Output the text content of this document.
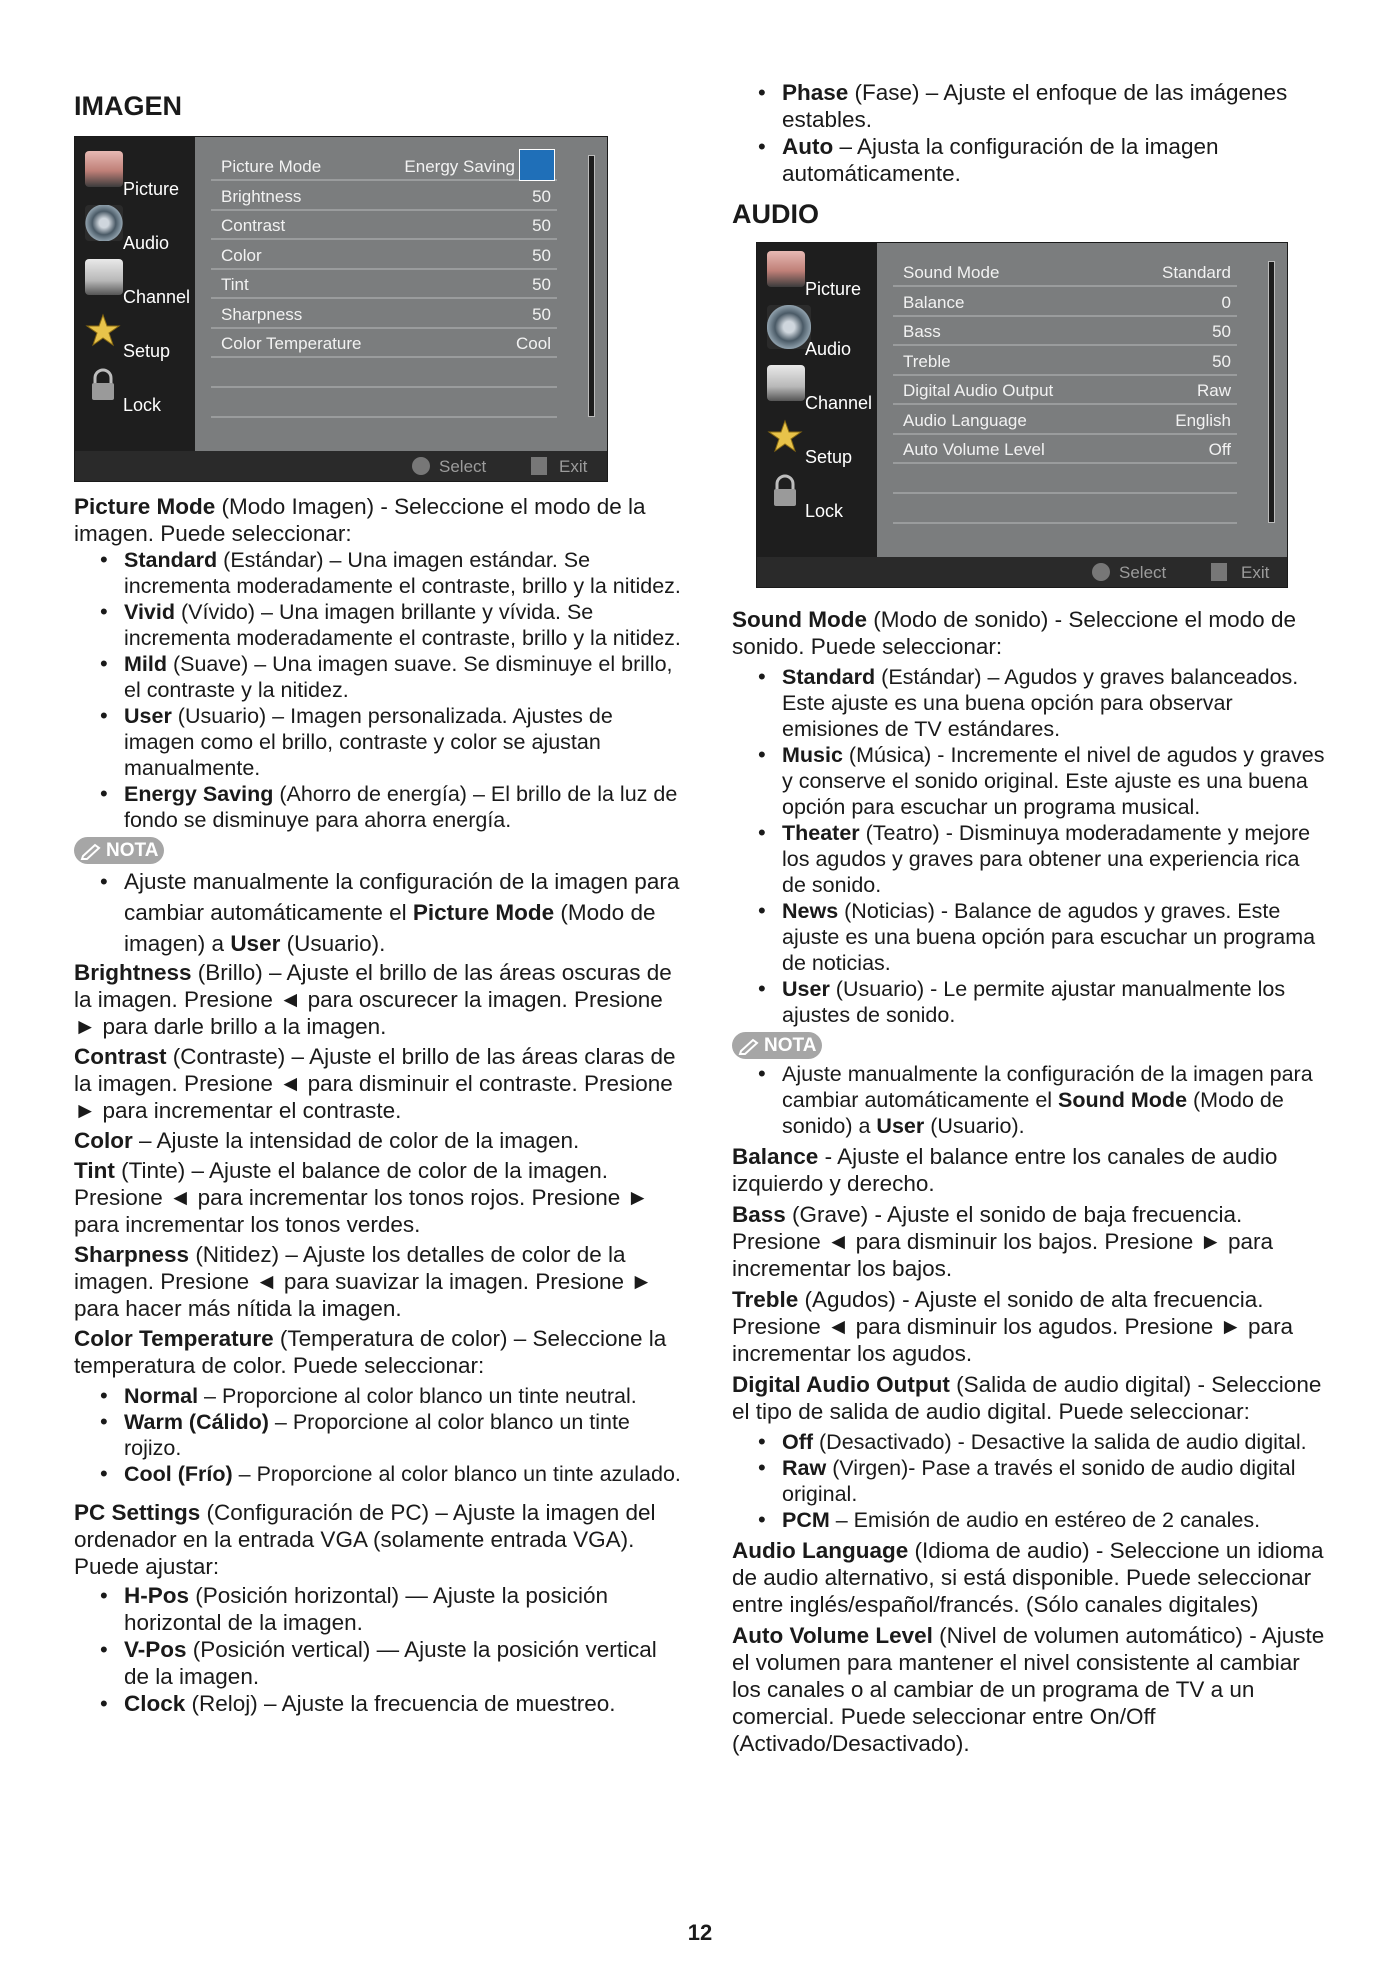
IMAGEN
Picture
Audio
Channel
Setup
Lock
Picture Mode	Energy Saving
Brightness	50
Contrast	50
Color	50
Tint	50
Sharpness	50
Color Temperature	Cool
Select	Exit

Picture Mode (Modo Imagen) - Seleccione el modo de la imagen. Puede seleccionar:

• Standard (Estándar) – Una imagen estándar. Se incrementa moderadamente el contraste, brillo y la nitidez.
• Vivid (Vívido) – Una imagen brillante y vívida. Se incrementa moderadamente el contraste, brillo y la nitidez.
• Mild (Suave) – Una imagen suave. Se disminuye el brillo, el contraste y la nitidez.
• User (Usuario) – Imagen personalizada. Ajustes de imagen como el brillo, contraste y color se ajustan manualmente.
• Energy Saving (Ahorro de energía) – El brillo de la luz de fondo se disminuye para ahorra energía.
NOTA
• Ajuste manualmente la configuración de la imagen para cambiar automáticamente el Picture Mode (Modo de imagen) a User (Usuario).

Brightness (Brillo) – Ajuste el brillo de las áreas oscuras de la imagen. Presione ◄ para oscurecer la imagen. Presione ► para darle brillo a la imagen.

Contrast (Contraste) – Ajuste el brillo de las áreas claras de la imagen. Presione ◄ para disminuir el contraste. Presione ► para incrementar el contraste.

Color – Ajuste la intensidad de color de la imagen.

Tint (Tinte) – Ajuste el balance de color de la imagen. Presione ◄ para incrementar los tonos rojos. Presione ► para incrementar los tonos verdes.

Sharpness (Nitidez) – Ajuste los detalles de color de la imagen. Presione ◄ para suavizar la imagen. Presione ► para hacer más nítida la imagen.

Color Temperature (Temperatura de color) – Seleccione la temperatura de color. Puede seleccionar:

• Normal – Proporcione al color blanco un tinte neutral.
• Warm (Cálido) – Proporcione al color blanco un tinte rojizo.
• Cool (Frío) – Proporcione al color blanco un tinte azulado.

PC Settings (Configuración de PC) – Ajuste la imagen del ordenador en la entrada VGA (solamente entrada VGA). Puede ajustar:

• H-Pos (Posición horizontal) — Ajuste la posición horizontal de la imagen.
• V-Pos (Posición vertical) — Ajuste la posición vertical de la imagen.
• Clock (Reloj) – Ajuste la frecuencia de muestreo.
• Phase (Fase) – Ajuste el enfoque de las imágenes estables.
• Auto – Ajusta la configuración de la imagen automáticamente.
AUDIO
Picture
Audio
Channel
Setup
Lock
Sound Mode	Standard
Balance	0
Bass	50
Treble	50
Digital Audio Output	Raw
Audio Language	English
Auto Volume Level	Off
Select	Exit

Sound Mode (Modo de sonido) - Seleccione el modo de sonido. Puede seleccionar:

• Standard (Estándar) – Agudos y graves balanceados. Este ajuste es una buena opción para observar emisiones de TV estándares.
• Music (Música) - Incremente el nivel de agudos y graves y conserve el sonido original. Este ajuste es una buena opción para escuchar un programa musical.
• Theater (Teatro) - Disminuya moderadamente y mejore los agudos y graves para obtener una experiencia rica de sonido.
• News (Noticias) - Balance de agudos y graves. Este ajuste es una buena opción para escuchar un programa de noticias.
• User (Usuario) - Le permite ajustar manualmente los ajustes de sonido.
NOTA
• Ajuste manualmente la configuración de la imagen para cambiar automáticamente el Sound Mode (Modo de sonido) a User (Usuario).

Balance - Ajuste el balance entre los canales de audio izquierdo y derecho.

Bass (Grave) - Ajuste el sonido de baja frecuencia. Presione ◄ para disminuir los bajos. Presione ► para incrementar los bajos.

Treble (Agudos) - Ajuste el sonido de alta frecuencia. Presione ◄ para disminuir los agudos. Presione ► para incrementar los agudos.

Digital Audio Output (Salida de audio digital) - Seleccione el tipo de salida de audio digital. Puede seleccionar:

• Off (Desactivado) - Desactive la salida de audio digital.
• Raw (Virgen)- Pase a través el sonido de audio digital original.
• PCM – Emisión de audio en estéreo de 2 canales.

Audio Language (Idioma de audio) - Seleccione un idioma de audio alternativo, si está disponible. Puede seleccionar entre inglés/español/francés. (Sólo canales digitales)

Auto Volume Level (Nivel de volumen automático) - Ajuste el volumen para mantener el nivel consistente al cambiar los canales o al cambiar de un programa de TV a un comercial. Puede seleccionar entre On/Off (Activado/Desactivado).

12
